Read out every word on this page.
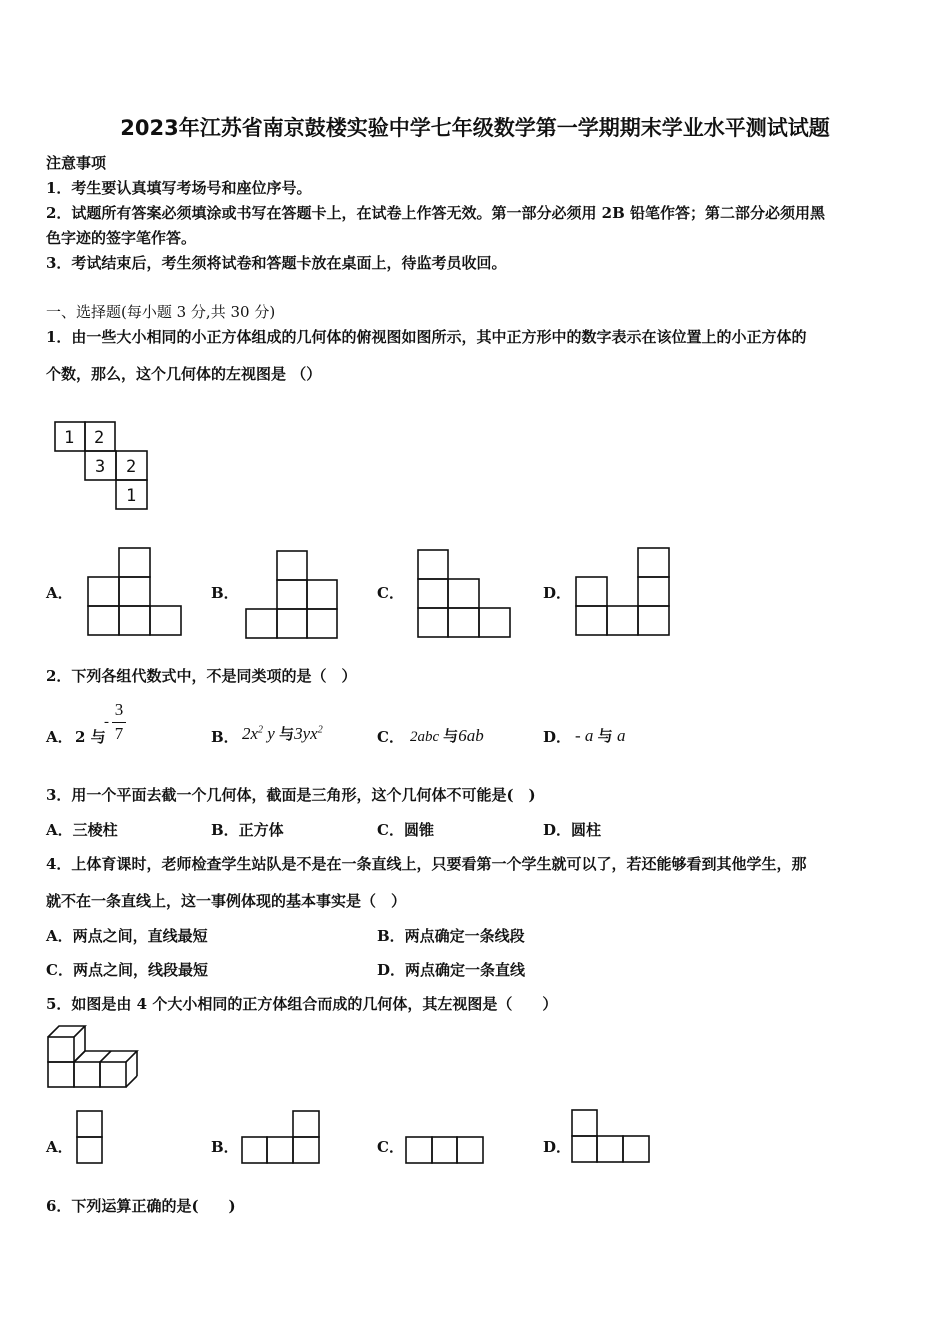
2023年江苏省南京鼓楼实验中学七年级数学第一学期期末学业水平测试试题
注意事项
1．考生要认真填写考场号和座位序号。
2．试题所有答案必须填涂或书写在答题卡上，在试卷上作答无效。第一部分必须用 2B 铅笔作答；第二部分必须用黑
色字迹的签字笔作答。
3．考试结束后，考生须将试卷和答题卡放在桌面上，待监考员收回。
一、选择题(每小题 3 分,共 30 分)
1．由一些大小相同的小正方体组成的几何体的俯视图如图所示，其中正方形中的数字表示在该位置上的小正方体的
个数，那么，这个几何体的左视图是 （）
1 2
3 2
1
A．	B．	C．	D．
2．下列各组代数式中，不是同类项的是（　）
A． 2 与
-
3
7	B． $2x^2$ y 与$3yx^2$	C． 2abc 与6ab	D． - a 与 a
3．用一个平面去截一个几何体，截面是三角形，这个几何体不可能是(　)
A．三棱柱	B．正方体	C．圆锥	D．圆柱
4．上体育课时，老师检查学生站队是不是在一条直线上，只要看第一个学生就可以了，若还能够看到其他学生，那
就不在一条直线上，这一事例体现的基本事实是（　）
A．两点之间，直线最短	B．两点确定一条线段
C．两点之间，线段最短	D．两点确定一条直线
5．如图是由 4 个大小相同的正方体组合而成的几何体，其左视图是（　　）
A．	B．	C．	D．
6．下列运算正确的是(　　)
